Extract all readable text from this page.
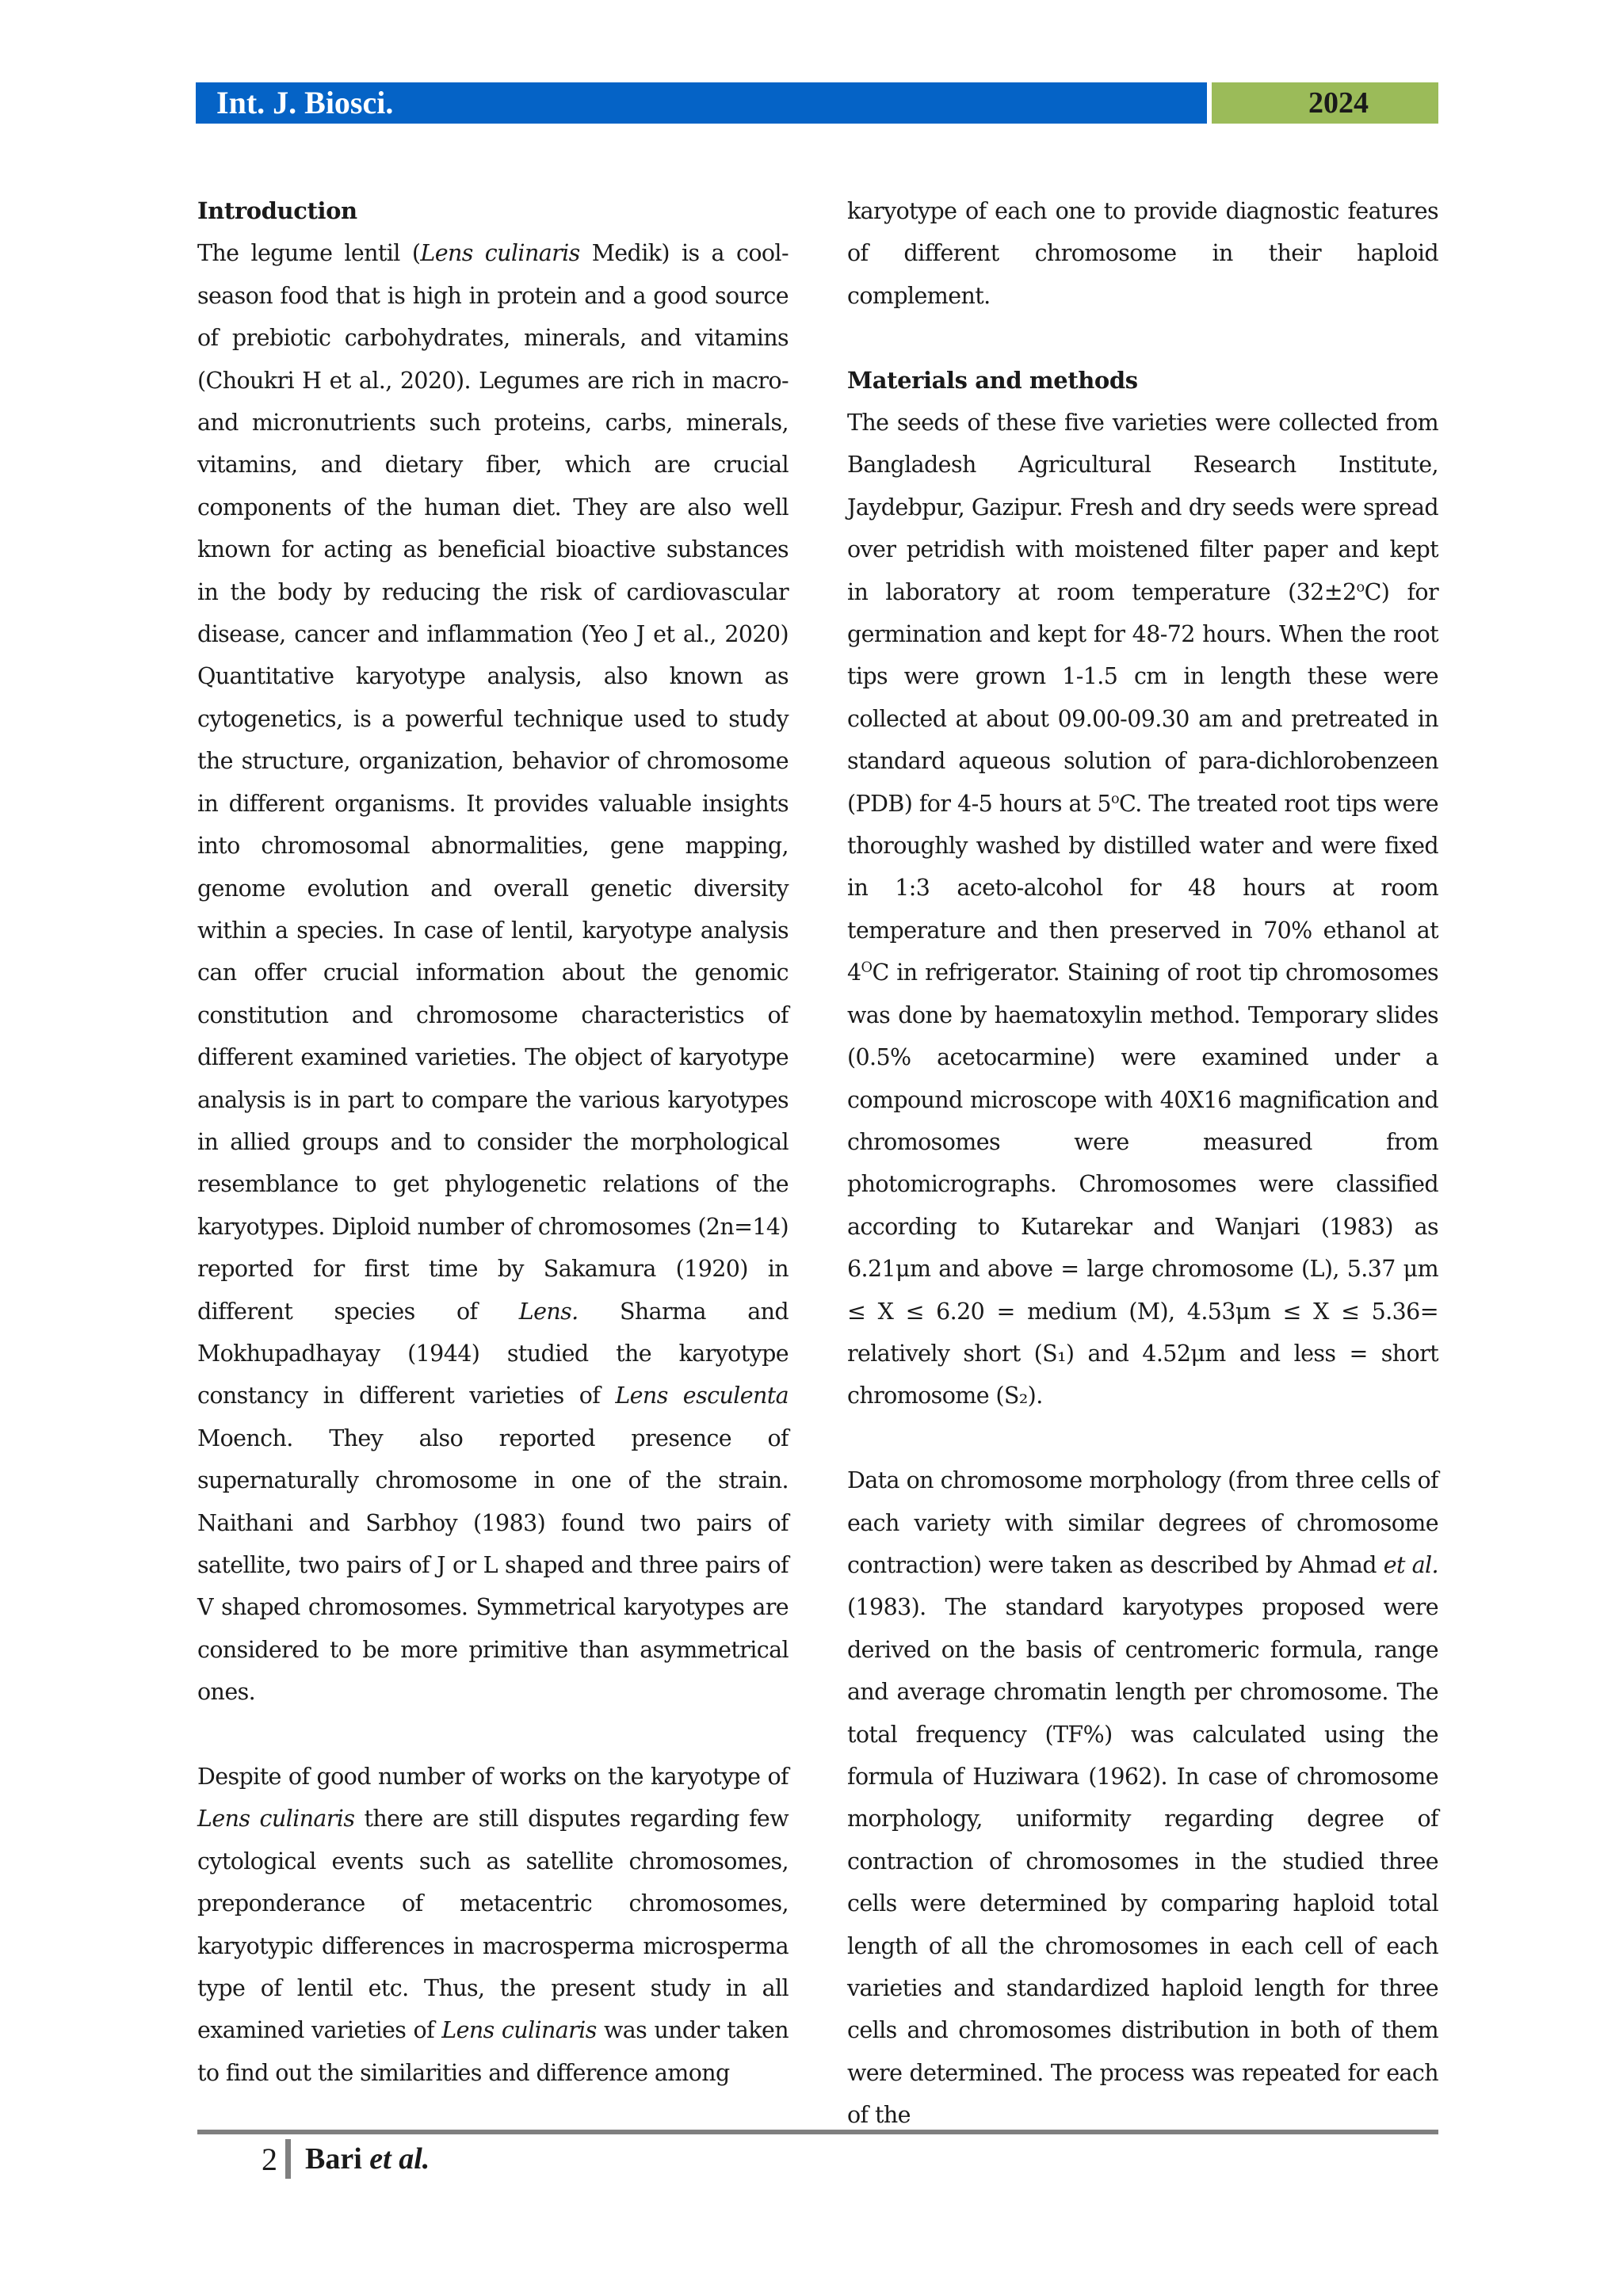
Int. J. Biosci.	2024
Introduction

The legume lentil (Lens culinaris Medik) is a cool-season food that is high in protein and a good source of prebiotic carbohydrates, minerals, and vitamins (Choukri H et al., 2020). Legumes are rich in macro- and micronutrients such proteins, carbs, minerals, vitamins, and dietary fiber, which are crucial components of the human diet. They are also well known for acting as beneficial bioactive substances in the body by reducing the risk of cardiovascular disease, cancer and inflammation (Yeo J et al., 2020) Quantitative karyotype analysis, also known as cytogenetics, is a powerful technique used to study the structure, organization, behavior of chromosome in different organisms. It provides valuable insights into chromosomal abnormalities, gene mapping, genome evolution and overall genetic diversity within a species. In case of lentil, karyotype analysis can offer crucial information about the genomic constitution and chromosome characteristics of different examined varieties. The object of karyotype analysis is in part to compare the various karyotypes in allied groups and to consider the morphological resemblance to get phylogenetic relations of the karyotypes. Diploid number of chromosomes (2n=14) reported for first time by Sakamura (1920) in different species of Lens. Sharma and Mokhupadhayay (1944) studied the karyotype constancy in different varieties of Lens esculenta Moench. They also reported presence of supernaturally chromosome in one of the strain. Naithani and Sarbhoy (1983) found two pairs of satellite, two pairs of J or L shaped and three pairs of V shaped chromosomes. Symmetrical karyotypes are considered to be more primitive than asymmetrical ones.

Despite of good number of works on the karyotype of Lens culinaris there are still disputes regarding few cytological events such as satellite chromosomes, preponderance of metacentric chromosomes, karyotypic differences in macrosperma microsperma type of lentil etc. Thus, the present study in all examined varieties of Lens culinaris was under taken to find out the similarities and difference among

karyotype of each one to provide diagnostic features of different chromosome in their haploid complement.

Materials and methods

The seeds of these five varieties were collected from Bangladesh Agricultural Research Institute, Jaydebpur, Gazipur. Fresh and dry seeds were spread over petridish with moistened filter paper and kept in laboratory at room temperature $(32\pm 2^oC)$ for germination and kept for 48-72 hours. When the root tips were grown 1-1.5 cm in length these were collected at about 09.00-09.30 am and pretreated in standard aqueous solution of para-dichlorobenzeen (PDB) for 4-5 hours at 5$^o$C. The treated root tips were thoroughly washed by distilled water and were fixed in 1:3 aceto-alcohol for 48 hours at room temperature and then preserved in 70% ethanol at $4^OC$ in refrigerator. Staining of root tip chromosomes was done by haematoxylin method. Temporary slides (0.5% acetocarmine) were examined under a compound microscope with 40X16 magnification and chromosomes were measured from photomicrographs. Chromosomes were classified according to Kutarekar and Wanjari (1983) as 6.21μm and above = large chromosome (L), 5.37 μm ≤ X ≤ 6.20 = medium (M), 4.53μm ≤ X ≤ 5.36= relatively short (S₁) and 4.52μm and less = short chromosome (S₂).

Data on chromosome morphology (from three cells of each variety with similar degrees of chromosome contraction) were taken as described by Ahmad et al. (1983). The standard karyotypes proposed were derived on the basis of centromeric formula, range and average chromatin length per chromosome. The total frequency (TF%) was calculated using the formula of Huziwara (1962). In case of chromosome morphology, uniformity regarding degree of contraction of chromosomes in the studied three cells were determined by comparing haploid total length of all the chromosomes in each cell of each varieties and standardized haploid length for three cells and chromosomes distribution in both of them were determined. The process was repeated for each of the

2 Bari et al.
